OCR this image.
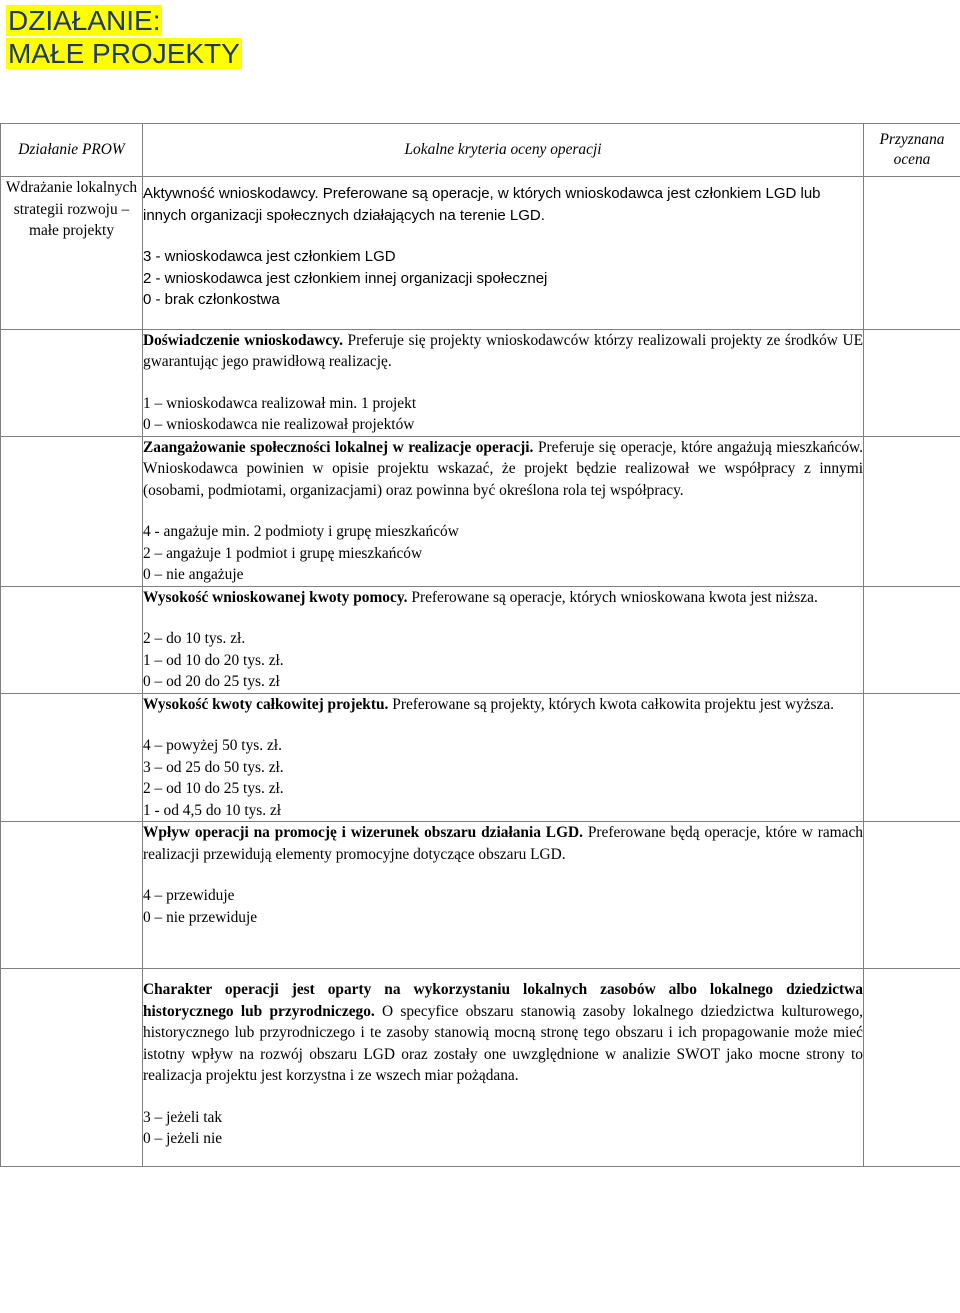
DZIAŁANIE:
MAŁE PROJEKTY
Działanie PROW	Lokalne kryteria oceny operacji	Przyznana ocena
Wdrażanie lokalnych strategii rozwoju – małe projekty	Aktywność wnioskodawcy. Preferowane są operacje, w których wnioskodawca jest członkiem LGD lub innych organizacji społecznych działających na terenie LGD.

3 - wnioskodawca jest członkiem LGD
2 - wnioskodawca jest członkiem innej organizacji społecznej
0 - brak członkostwa	

	Doświadczenie wnioskodawcy. Preferuje się projekty wnioskodawców którzy realizowali projekty ze środków UE gwarantując jego prawidłową realizację.

1 – wnioskodawca realizował min. 1 projekt
0 – wnioskodawca nie realizował projektów	

	Zaangażowanie społeczności lokalnej w realizacje operacji. Preferuje się operacje, które angażują mieszkańców. Wnioskodawca powinien w opisie projektu wskazać, że projekt będzie realizował we współpracy z innymi (osobami, podmiotami, organizacjami) oraz powinna być określona rola tej współpracy.

4 - angażuje min. 2 podmioty i grupę mieszkańców
2 – angażuje 1 podmiot i grupę mieszkańców
0 – nie angażuje	

	Wysokość wnioskowanej kwoty pomocy. Preferowane są operacje, których wnioskowana kwota jest niższa.

2 – do 10 tys. zł.
1 – od 10 do 20 tys. zł.
0 – od 20 do 25 tys. zł	

	Wysokość kwoty całkowitej projektu. Preferowane są projekty, których kwota całkowita projektu jest wyższa.

4 – powyżej 50 tys. zł.
3 – od 25 do 50 tys. zł.
2 – od 10 do 25 tys. zł.
1 - od 4,5 do 10 tys. zł	

	Wpływ operacji na promocję i wizerunek obszaru działania LGD. Preferowane będą operacje, które w ramach realizacji przewidują elementy promocyjne dotyczące obszaru LGD.

4 – przewiduje
0 – nie przewiduje	

	Charakter operacji jest oparty na wykorzystaniu lokalnych zasobów albo lokalnego dziedzictwa historycznego lub przyrodniczego. O specyfice obszaru stanowią zasoby lokalnego dziedzictwa kulturowego, historycznego lub przyrodniczego i te zasoby stanowią mocną stronę tego obszaru i ich propagowanie może mieć istotny wpływ na rozwój obszaru LGD oraz zostały one uwzględnione w analizie SWOT jako mocne strony to realizacja projektu jest korzystna i ze wszech miar pożądana.

3 – jeżeli tak
0 – jeżeli nie	
